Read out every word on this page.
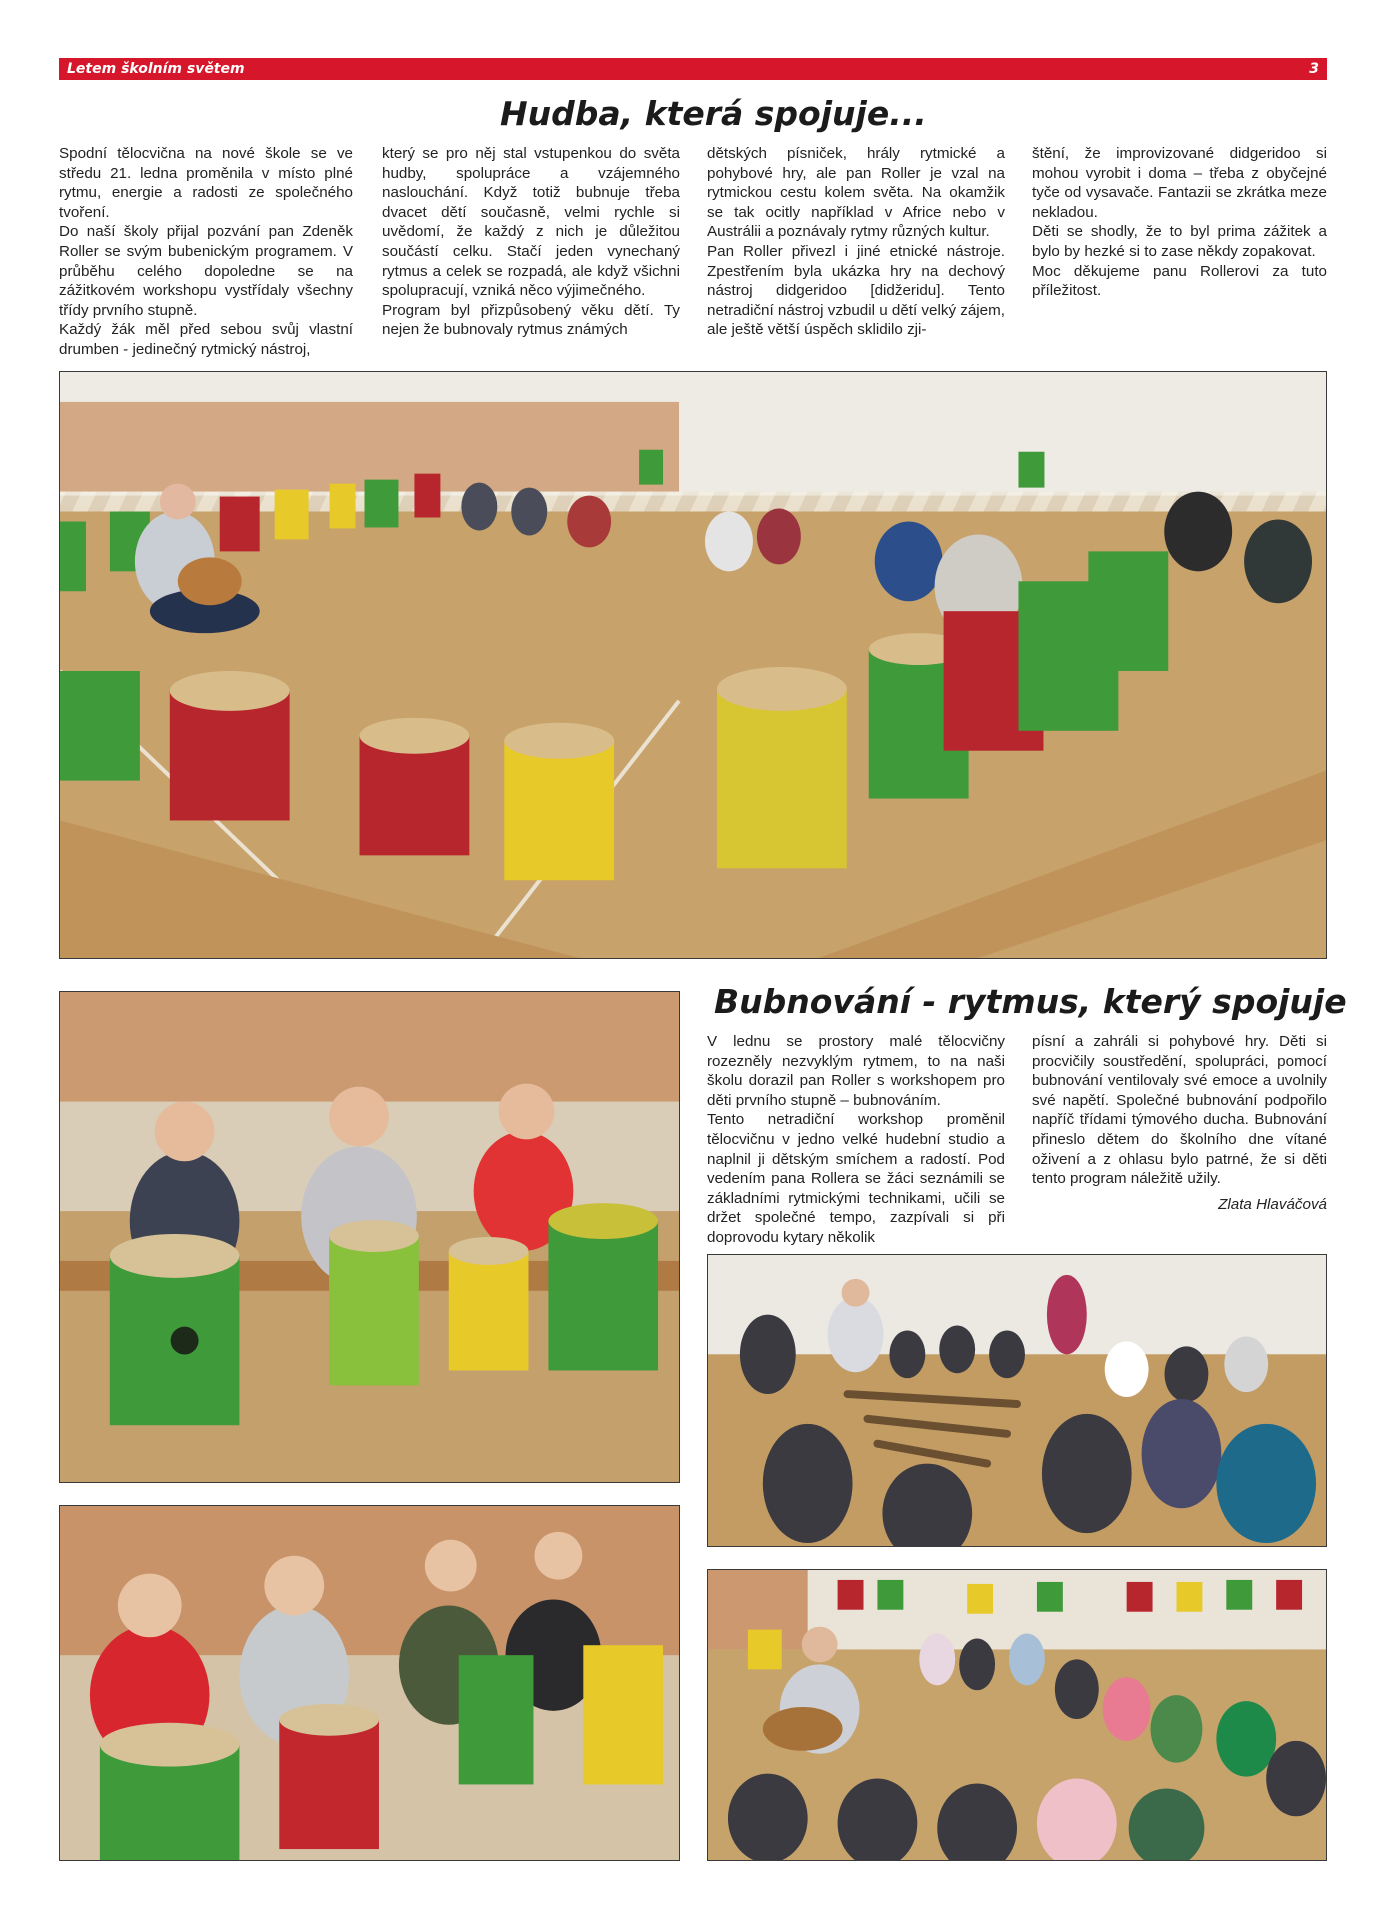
Letem školním světem	3
Hudba, která spojuje...

Spodní tělocvična na nové škole se ve středu 21. ledna proměnila v místo plné rytmu, energie a radosti ze společného tvoření.

Do naší školy přijal pozvání pan Zdeněk Roller se svým bubenickým programem. V průběhu celého dopoledne se na zážitkovém workshopu vystřídaly všechny třídy prvního stupně.

Každý žák měl před sebou svůj vlastní drumben - jedinečný rytmický nástroj,

který se pro něj stal vstupenkou do světa hudby, spolupráce a vzájemného naslouchání. Když totiž bubnuje třeba dvacet dětí současně, velmi rychle si uvědomí, že každý z nich je důležitou součástí celku. Stačí jeden vynechaný rytmus a celek se rozpadá, ale když všichni spolupracují, vzniká něco výjimečného.

Program byl přizpůsobený věku dětí. Ty nejen že bubnovaly rytmus známých

dětských písniček, hrály rytmické a pohybové hry, ale pan Roller je vzal na rytmickou cestu kolem světa. Na okamžik se tak ocitly například v Africe nebo v Austrálii a poznávaly rytmy různých kultur.

Pan Roller přivezl i jiné etnické nástroje. Zpestřením byla ukázka hry na dechový nástroj didgeridoo [didžeridu]. Tento netradiční nástroj vzbudil u dětí velký zájem, ale ještě větší úspěch sklidilo zji-

štění, že improvizované didgeridoo si mohou vyrobit i doma – třeba z obyčejné tyče od vysavače. Fantazii se zkrátka meze nekladou.

Děti se shodly, že to byl prima zážitek a bylo by hezké si to zase někdy zopakovat.

Moc děkujeme panu Rollerovi za tuto příležitost.

Bubnování - rytmus, který spojuje

V lednu se prostory malé tělocvičny rozezněly nezvyklým rytmem, to na naši školu dorazil pan Roller s workshopem pro děti prvního stupně – bubnováním.

Tento netradiční workshop proměnil tělocvičnu v jedno velké hudební studio a naplnil ji dětským smíchem a radostí. Pod vedením pana Rollera se žáci seznámili se základními rytmickými technikami, učili se držet společné tempo, zazpívali si při doprovodu kytary několik

písní a zahráli si pohybové hry. Děti si procvičily soustředění, spolupráci, pomocí bubnování ventilovaly své emoce a uvolnily své napětí. Společné bubnování podpořilo napříč třídami týmového ducha. Bubnování přineslo dětem do školního dne vítané oživení a z ohlasu bylo patrné, že si děti tento program náležitě užily.

Zlata Hlaváčová
